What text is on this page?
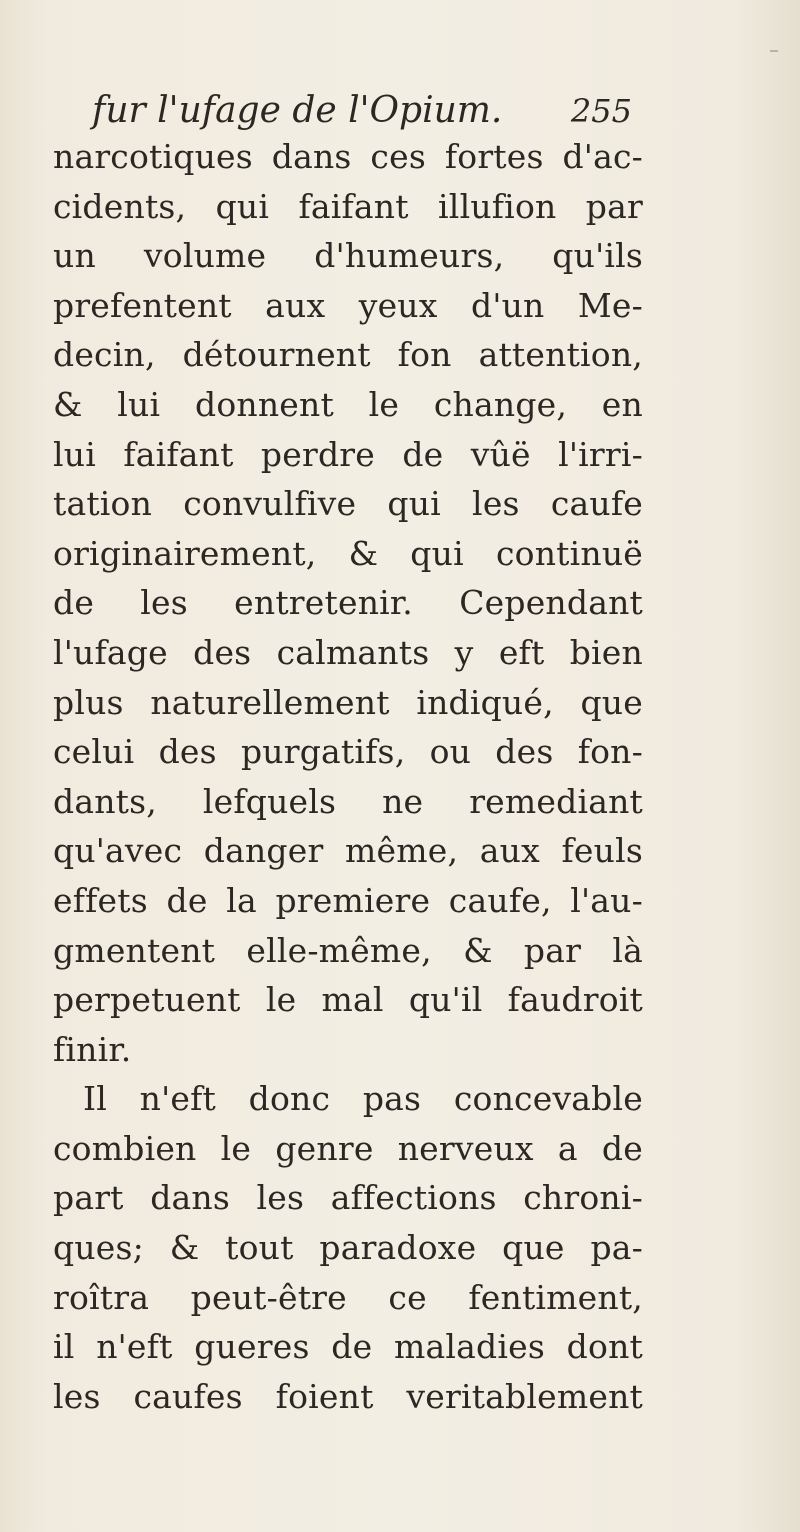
fur l'ufage de l'Opium. 255
narcotiques dans ces fortes d'ac-
cidents, qui faifant illufion par
un volume d'humeurs, qu'ils
prefentent aux yeux d'un Me-
decin, détournent fon attention,
& lui donnent le change, en
lui faifant perdre de vûë l'irri-
tation convulfive qui les caufe
originairement, & qui continuë
de les entretenir. Cependant
l'ufage des calmants y eft bien
plus naturellement indiqué, que
celui des purgatifs, ou des fon-
dants, lefquels ne remediant
qu'avec danger même, aux feuls
effets de la premiere caufe, l'au-
gmentent elle-même, & par là
perpetuent le mal qu'il faudroit
finir.
Il n'eft donc pas concevable
combien le genre nerveux a de
part dans les affections chroni-
ques; & tout paradoxe que pa-
roîtra peut-être ce fentiment,
il n'eft gueres de maladies dont
les caufes foient veritablement
